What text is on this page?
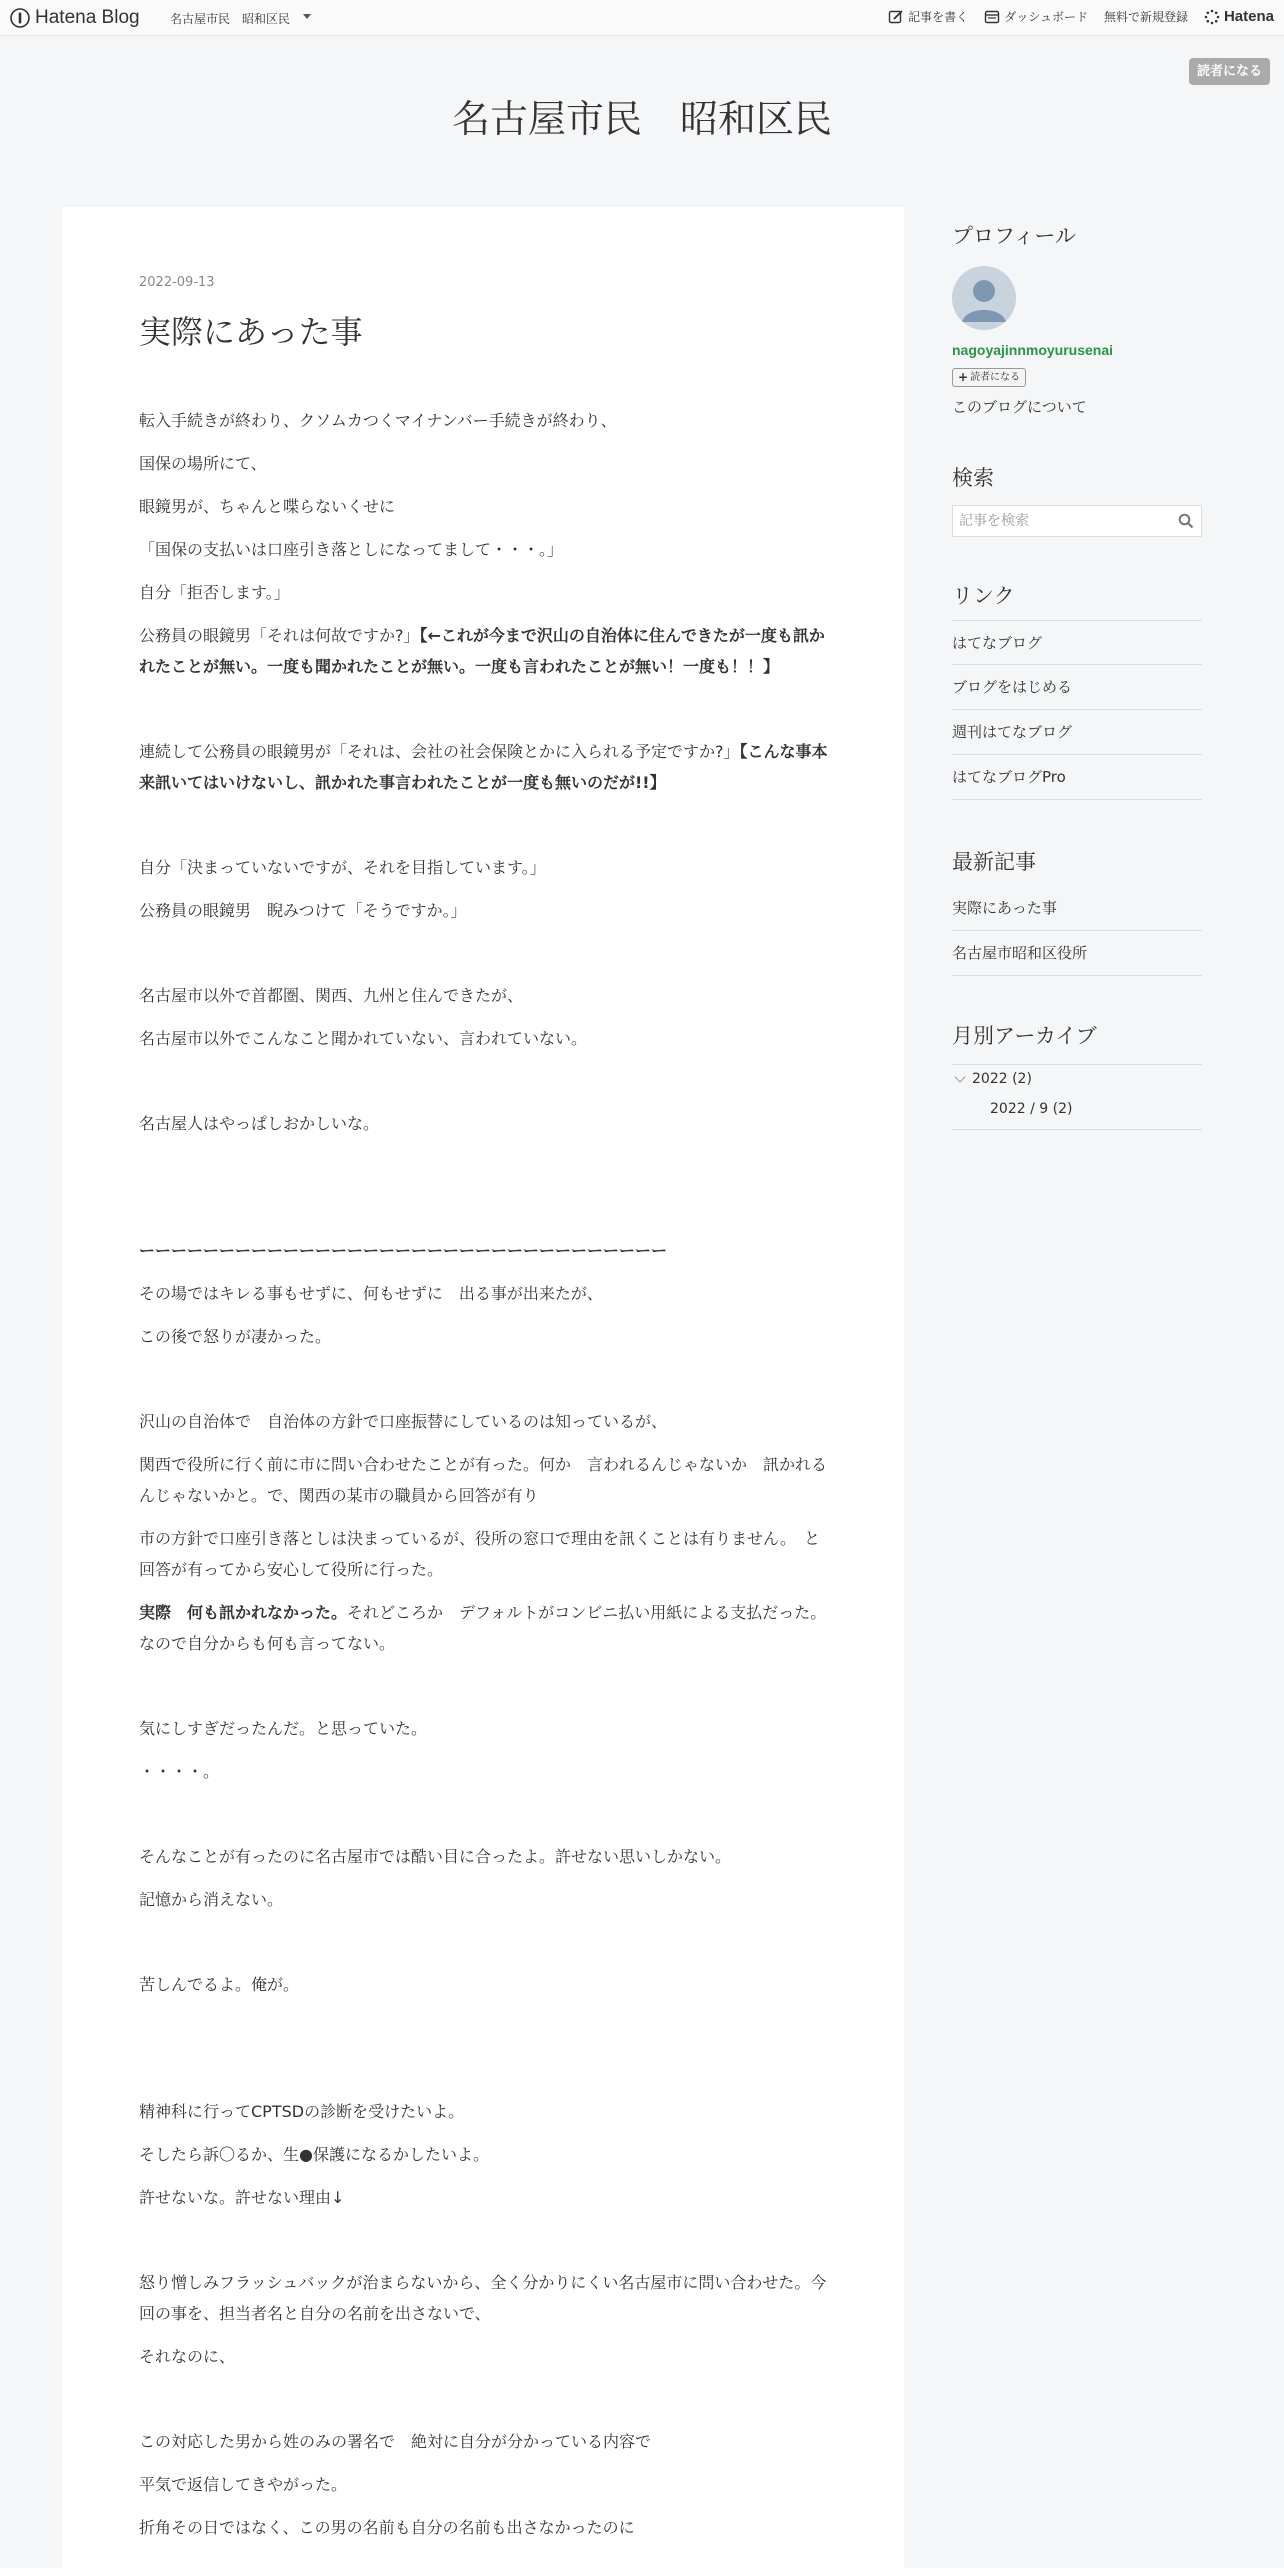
Hatena Blog	名古屋市民　昭和区民	記事を書く	ダッシュボード 無料で新規登録 Hatena
読者になる
名古屋市民　昭和区民
2022-09-13
実際にあった事

転入手続きが終わり、クソムカつくマイナンバー手続きが終わり、

国保の場所にて、

眼鏡男が、ちゃんと喋らないくせに

「国保の支払いは口座引き落としになってまして・・・。」

自分「拒否します。」

公務員の眼鏡男「それは何故ですか?」【←これが今まで沢山の自治体に住んできたが一度も訊かれたことが無い。一度も聞かれたことが無い。一度も言われたことが無い！一度も！！】

連続して公務員の眼鏡男が「それは、会社の社会保険とかに入られる予定ですか?」【こんな事本来訊いてはいけないし、訊かれた事言われたことが一度も無いのだが!!】

自分「決まっていないですが、それを目指しています。」

公務員の眼鏡男　睨みつけて「そうですか。」

名古屋市以外で首都圏、関西、九州と住んできたが、

名古屋市以外でこんなこと聞かれていない、言われていない。

名古屋人はやっぱしおかしいな。

ーーーーーーーーーーーーーーーーーーーーーーーーーーーーーーーーー

その場ではキレる事もせずに、何もせずに　出る事が出来たが、

この後で怒りが凄かった。

沢山の自治体で　自治体の方針で口座振替にしているのは知っているが、

関西で役所に行く前に市に問い合わせたことが有った。何か　言われるんじゃないか　訊かれるんじゃないかと。で、関西の某市の職員から回答が有り

市の方針で口座引き落としは決まっているが、役所の窓口で理由を訊くことは有りません。　と回答が有ってから安心して役所に行った。

実際　何も訊かれなかった。それどころか　デフォルトがコンビニ払い用紙による支払だった。なので自分からも何も言ってない。

気にしすぎだったんだ。と思っていた。

・・・・。

そんなことが有ったのに名古屋市では酷い目に合ったよ。許せない思いしかない。

記憶から消えない。

苦しんでるよ。俺が。

精神科に行ってCPTSDの診断を受けたいよ。

そしたら訴〇るか、生●保護になるかしたいよ。

許せないな。許せない理由↓

怒り憎しみフラッシュバックが治まらないから、全く分かりにくい名古屋市に問い合わせた。今回の事を、担当者名と自分の名前を出さないで、

それなのに、

この対応した男から姓のみの署名で　絶対に自分が分かっている内容で

平気で返信してきやがった。

折角その日ではなく、この男の名前も自分の名前も出さなかったのに

プロフィール
nagoyajinnmoyurusenai
+ 読者になる
このブログについて
検索
記事を検索
リンク
はてなブログ
ブログをはじめる
週刊はてなブログ
はてなブログPro
最新記事
実際にあった事
名古屋市昭和区役所
月別アーカイブ
2022 (2)
2022 / 9 (2)
